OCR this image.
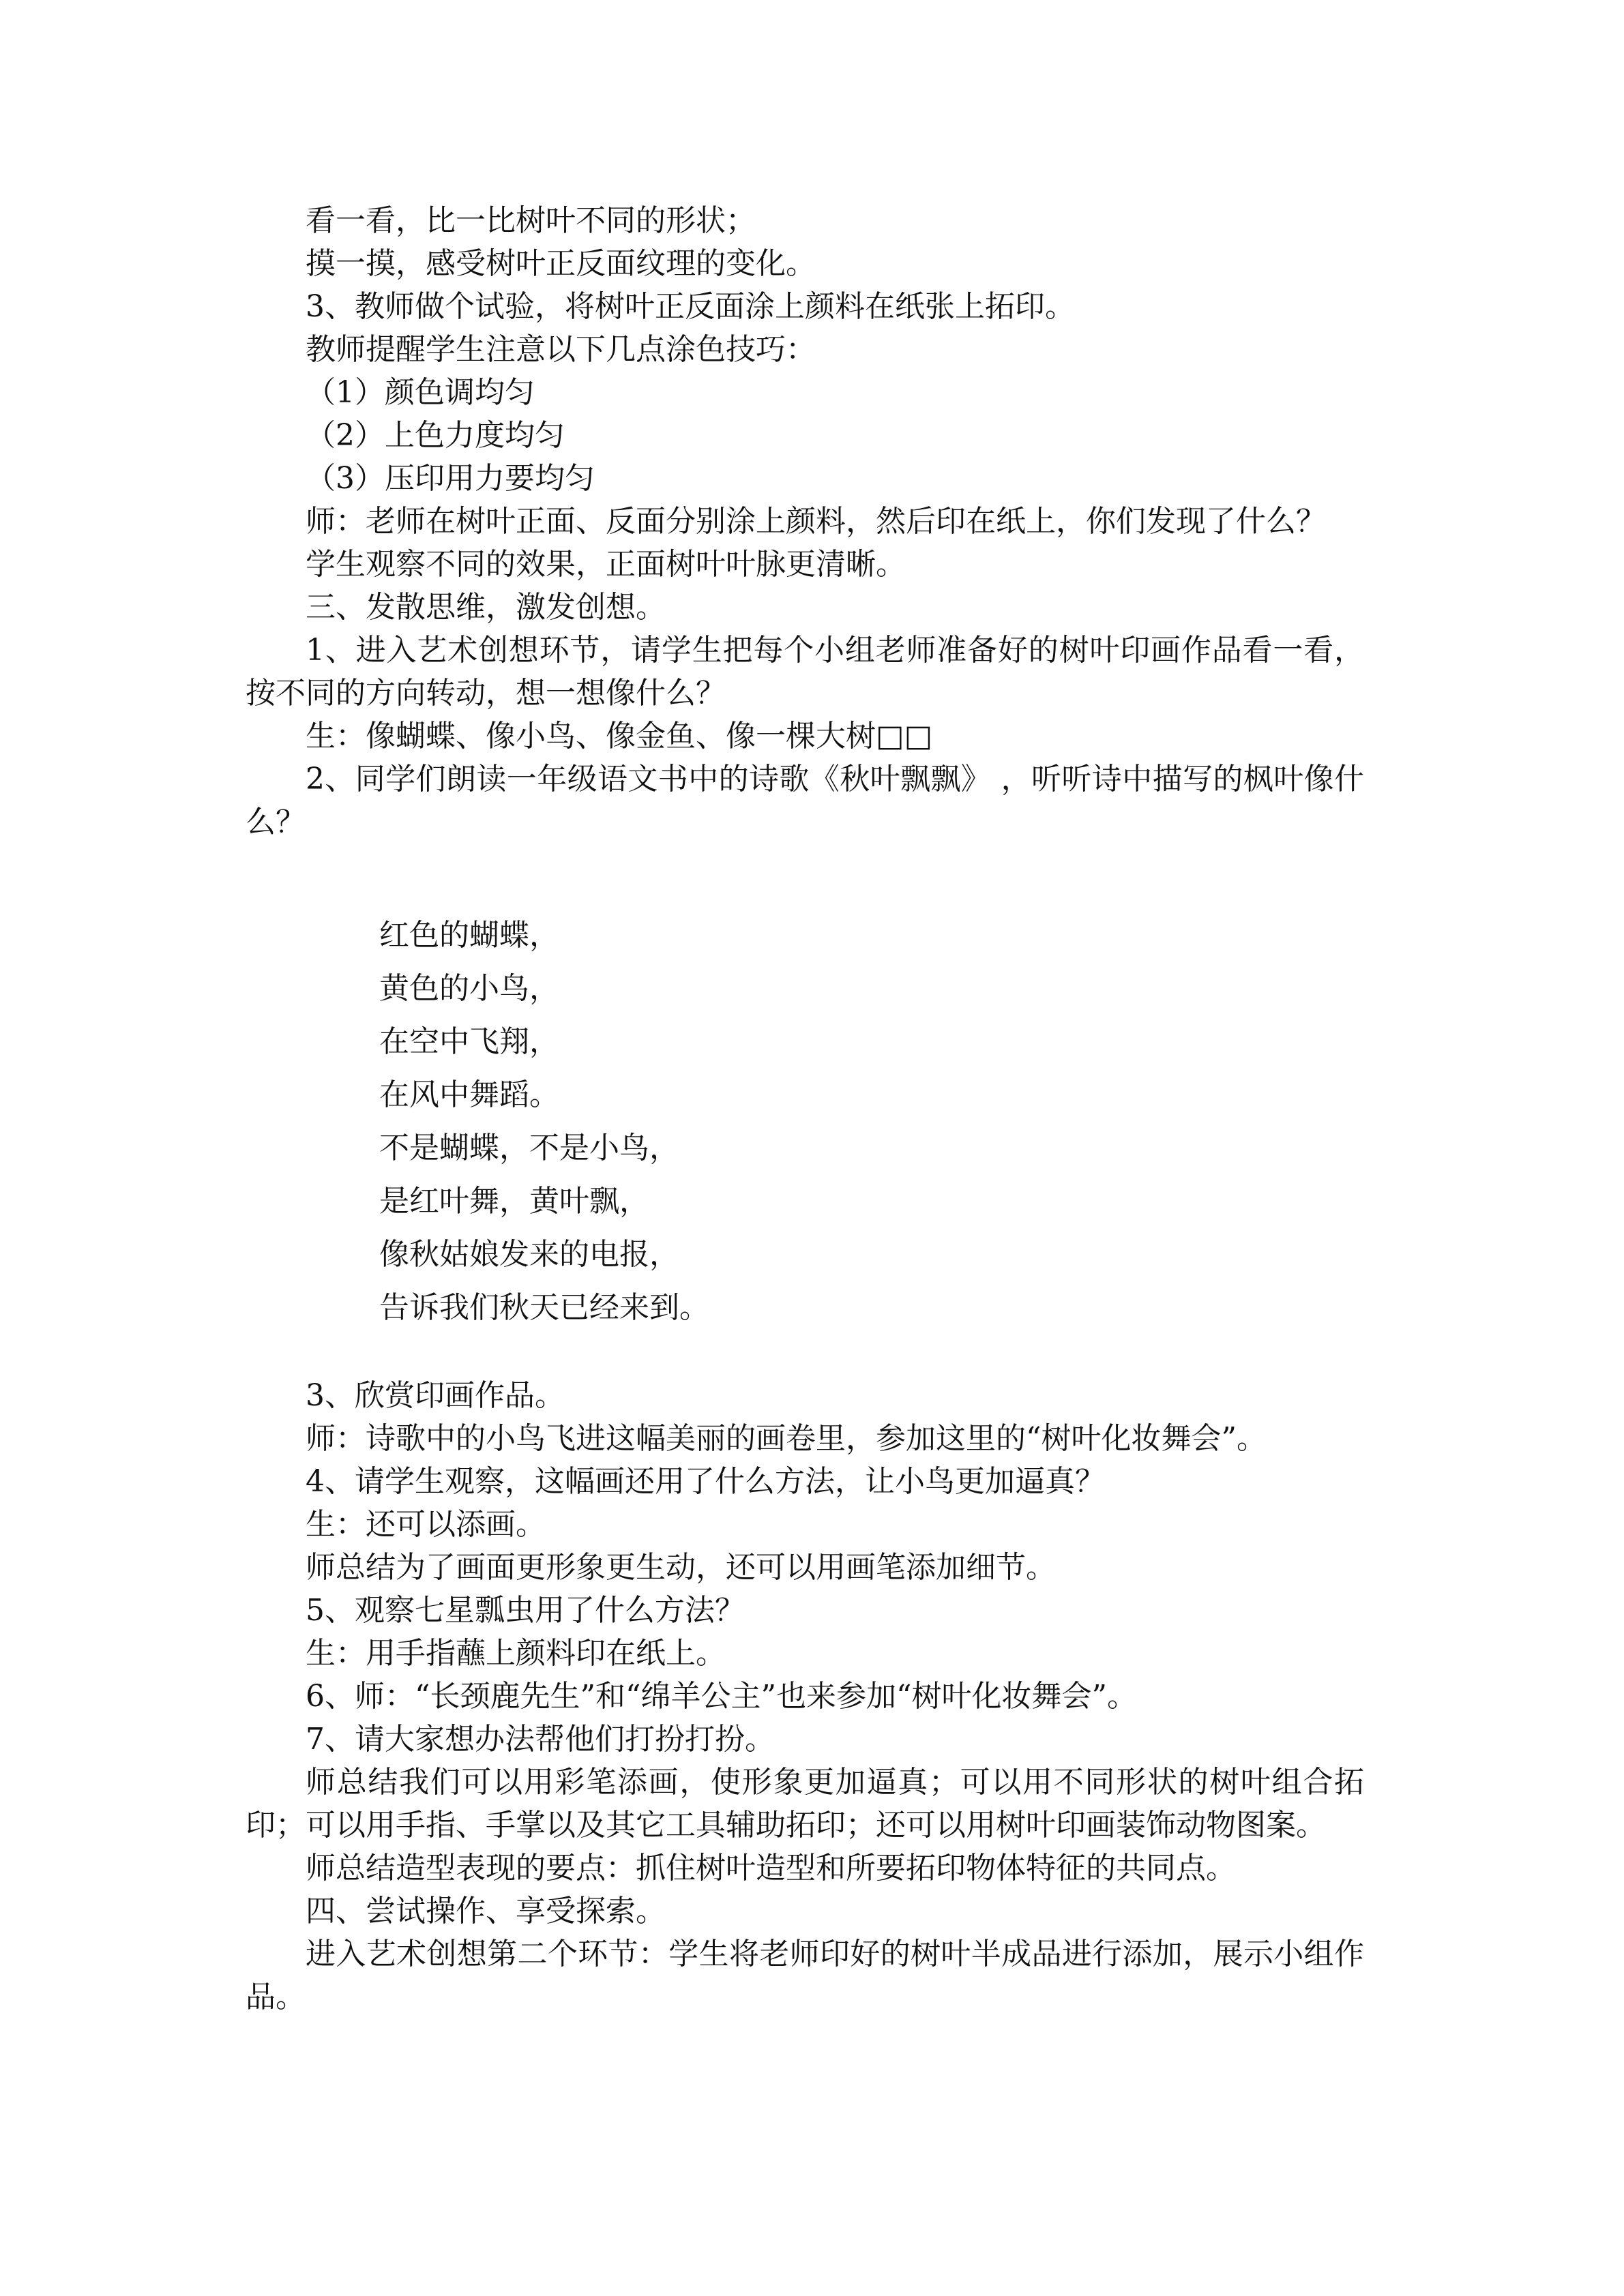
看一看，比一比树叶不同的形状；

摸一摸，感受树叶正反面纹理的变化。

3、教师做个试验，将树叶正反面涂上颜料在纸张上拓印。

教师提醒学生注意以下几点涂色技巧：

（1）颜色调均匀

（2）上色力度均匀

（3）压印用力要均匀

师：老师在树叶正面、反面分别涂上颜料，然后印在纸上，你们发现了什么？

学生观察不同的效果，正面树叶叶脉更清晰。

三、发散思维，激发创想。

1、进入艺术创想环节，请学生把每个小组老师准备好的树叶印画作品看一看，按不同的方向转动，想一想像什么？

生：像蝴蝶、像小鸟、像金鱼、像一棵大树□□

2、同学们朗读一年级语文书中的诗歌《秋叶飘飘》 ，听听诗中描写的枫叶像什么？

红色的蝴蝶，

黄色的小鸟，

在空中飞翔，

在风中舞蹈。

不是蝴蝶，不是小鸟，

是红叶舞，黄叶飘，

像秋姑娘发来的电报，

告诉我们秋天已经来到。

3、欣赏印画作品。

师：诗歌中的小鸟飞进这幅美丽的画卷里，参加这里的“树叶化妆舞会”。

4、请学生观察，这幅画还用了什么方法，让小鸟更加逼真？

生：还可以添画。

师总结为了画面更形象更生动，还可以用画笔添加细节。

5、观察七星瓢虫用了什么方法？

生：用手指蘸上颜料印在纸上。

6、师：“长颈鹿先生”和“绵羊公主”也来参加“树叶化妆舞会”。

7、请大家想办法帮他们打扮打扮。

师总结我们可以用彩笔添画，使形象更加逼真；可以用不同形状的树叶组合拓印；可以用手指、手掌以及其它工具辅助拓印；还可以用树叶印画装饰动物图案。

师总结造型表现的要点：抓住树叶造型和所要拓印物体特征的共同点。

四、尝试操作、享受探索。

进入艺术创想第二个环节：学生将老师印好的树叶半成品进行添加，展示小组作品。
